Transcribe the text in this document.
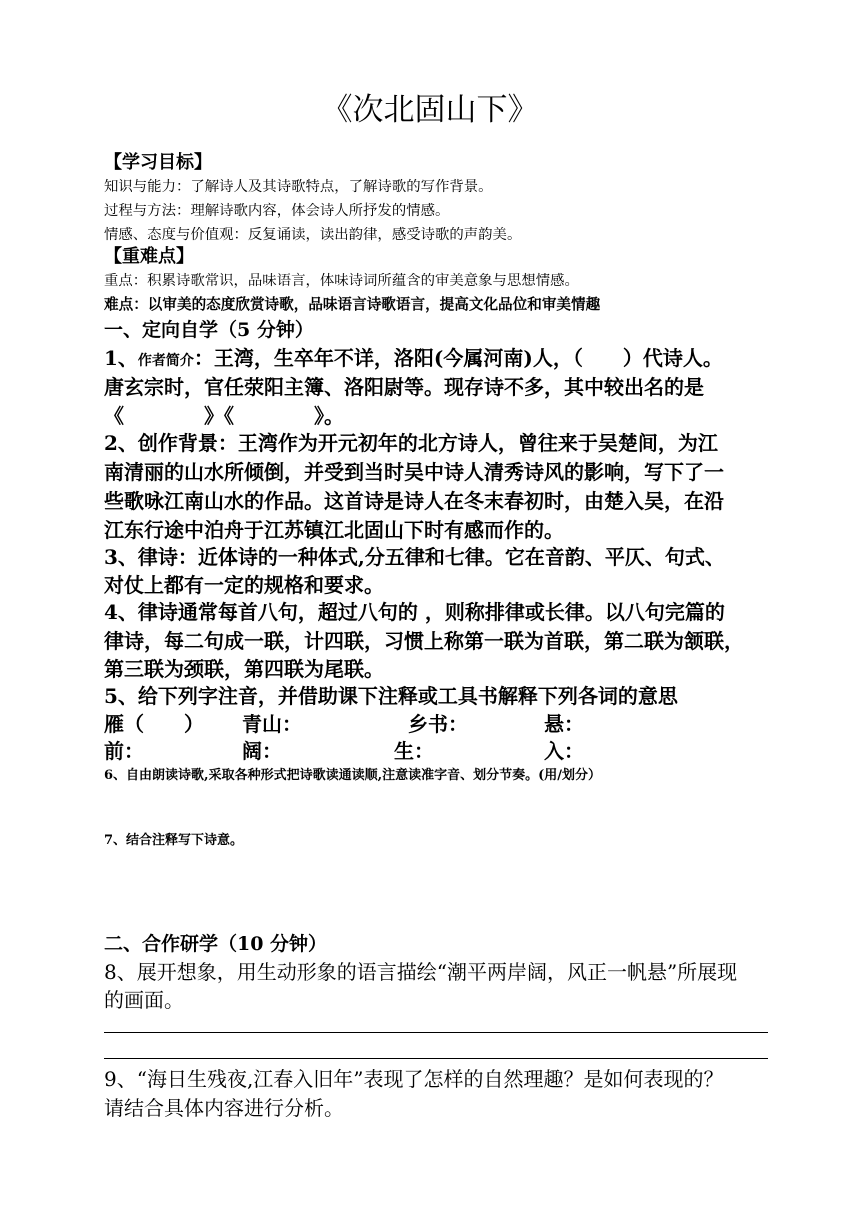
《次北固山下》
【学习目标】
知识与能力：了解诗人及其诗歌特点，了解诗歌的写作背景。
过程与方法：理解诗歌内容，体会诗人所抒发的情感。
情感、态度与价值观：反复诵读，读出韵律，感受诗歌的声韵美。
【重难点】
重点：积累诗歌常识，品味语言，体味诗词所蕴含的审美意象与思想情感。
难点：以审美的态度欣赏诗歌，品味语言诗歌语言，提高文化品位和审美情趣
一、定向自学（5 分钟）
1、作者简介：王湾，生卒年不详，洛阳(今属河南)人，（　　）代诗人。
唐玄宗时，官任荥阳主簿、洛阳尉等。现存诗不多，其中较出名的是
《　　　　》《　　　　》。
2、创作背景：王湾作为开元初年的北方诗人，曾往来于吴楚间，为江
南清丽的山水所倾倒，并受到当时吴中诗人清秀诗风的影响，写下了一
些歌咏江南山水的作品。这首诗是诗人在冬末春初时，由楚入吴，在沿
江东行途中泊舟于江苏镇江北固山下时有感而作的。
3、律诗：近体诗的一种体式,分五律和七律。它在音韵、平仄、句式、
对仗上都有一定的规格和要求。
4、律诗通常每首八句，超过八句的 ，则称排律或长律。以八句完篇的
律诗，每二句成一联，计四联，习惯上称第一联为首联，第二联为颔联，
第三联为颈联，第四联为尾联。
5、给下列字注音，并借助课下注释或工具书解释下列各词的意思
雁（　　） 青山：	乡书：	悬：
前：	阔：	生：	入：
6、自由朗读诗歌,采取各种形式把诗歌读通读顺,注意读准字音、划分节奏。(用/划分）
7、结合注释写下诗意。
二、合作研学（10 分钟）
8、展开想象，用生动形象的语言描绘“潮平两岸阔，风正一帆悬”所展现
的画面。
9、“海日生残夜,江春入旧年”表现了怎样的自然理趣？是如何表现的？
请结合具体内容进行分析。
